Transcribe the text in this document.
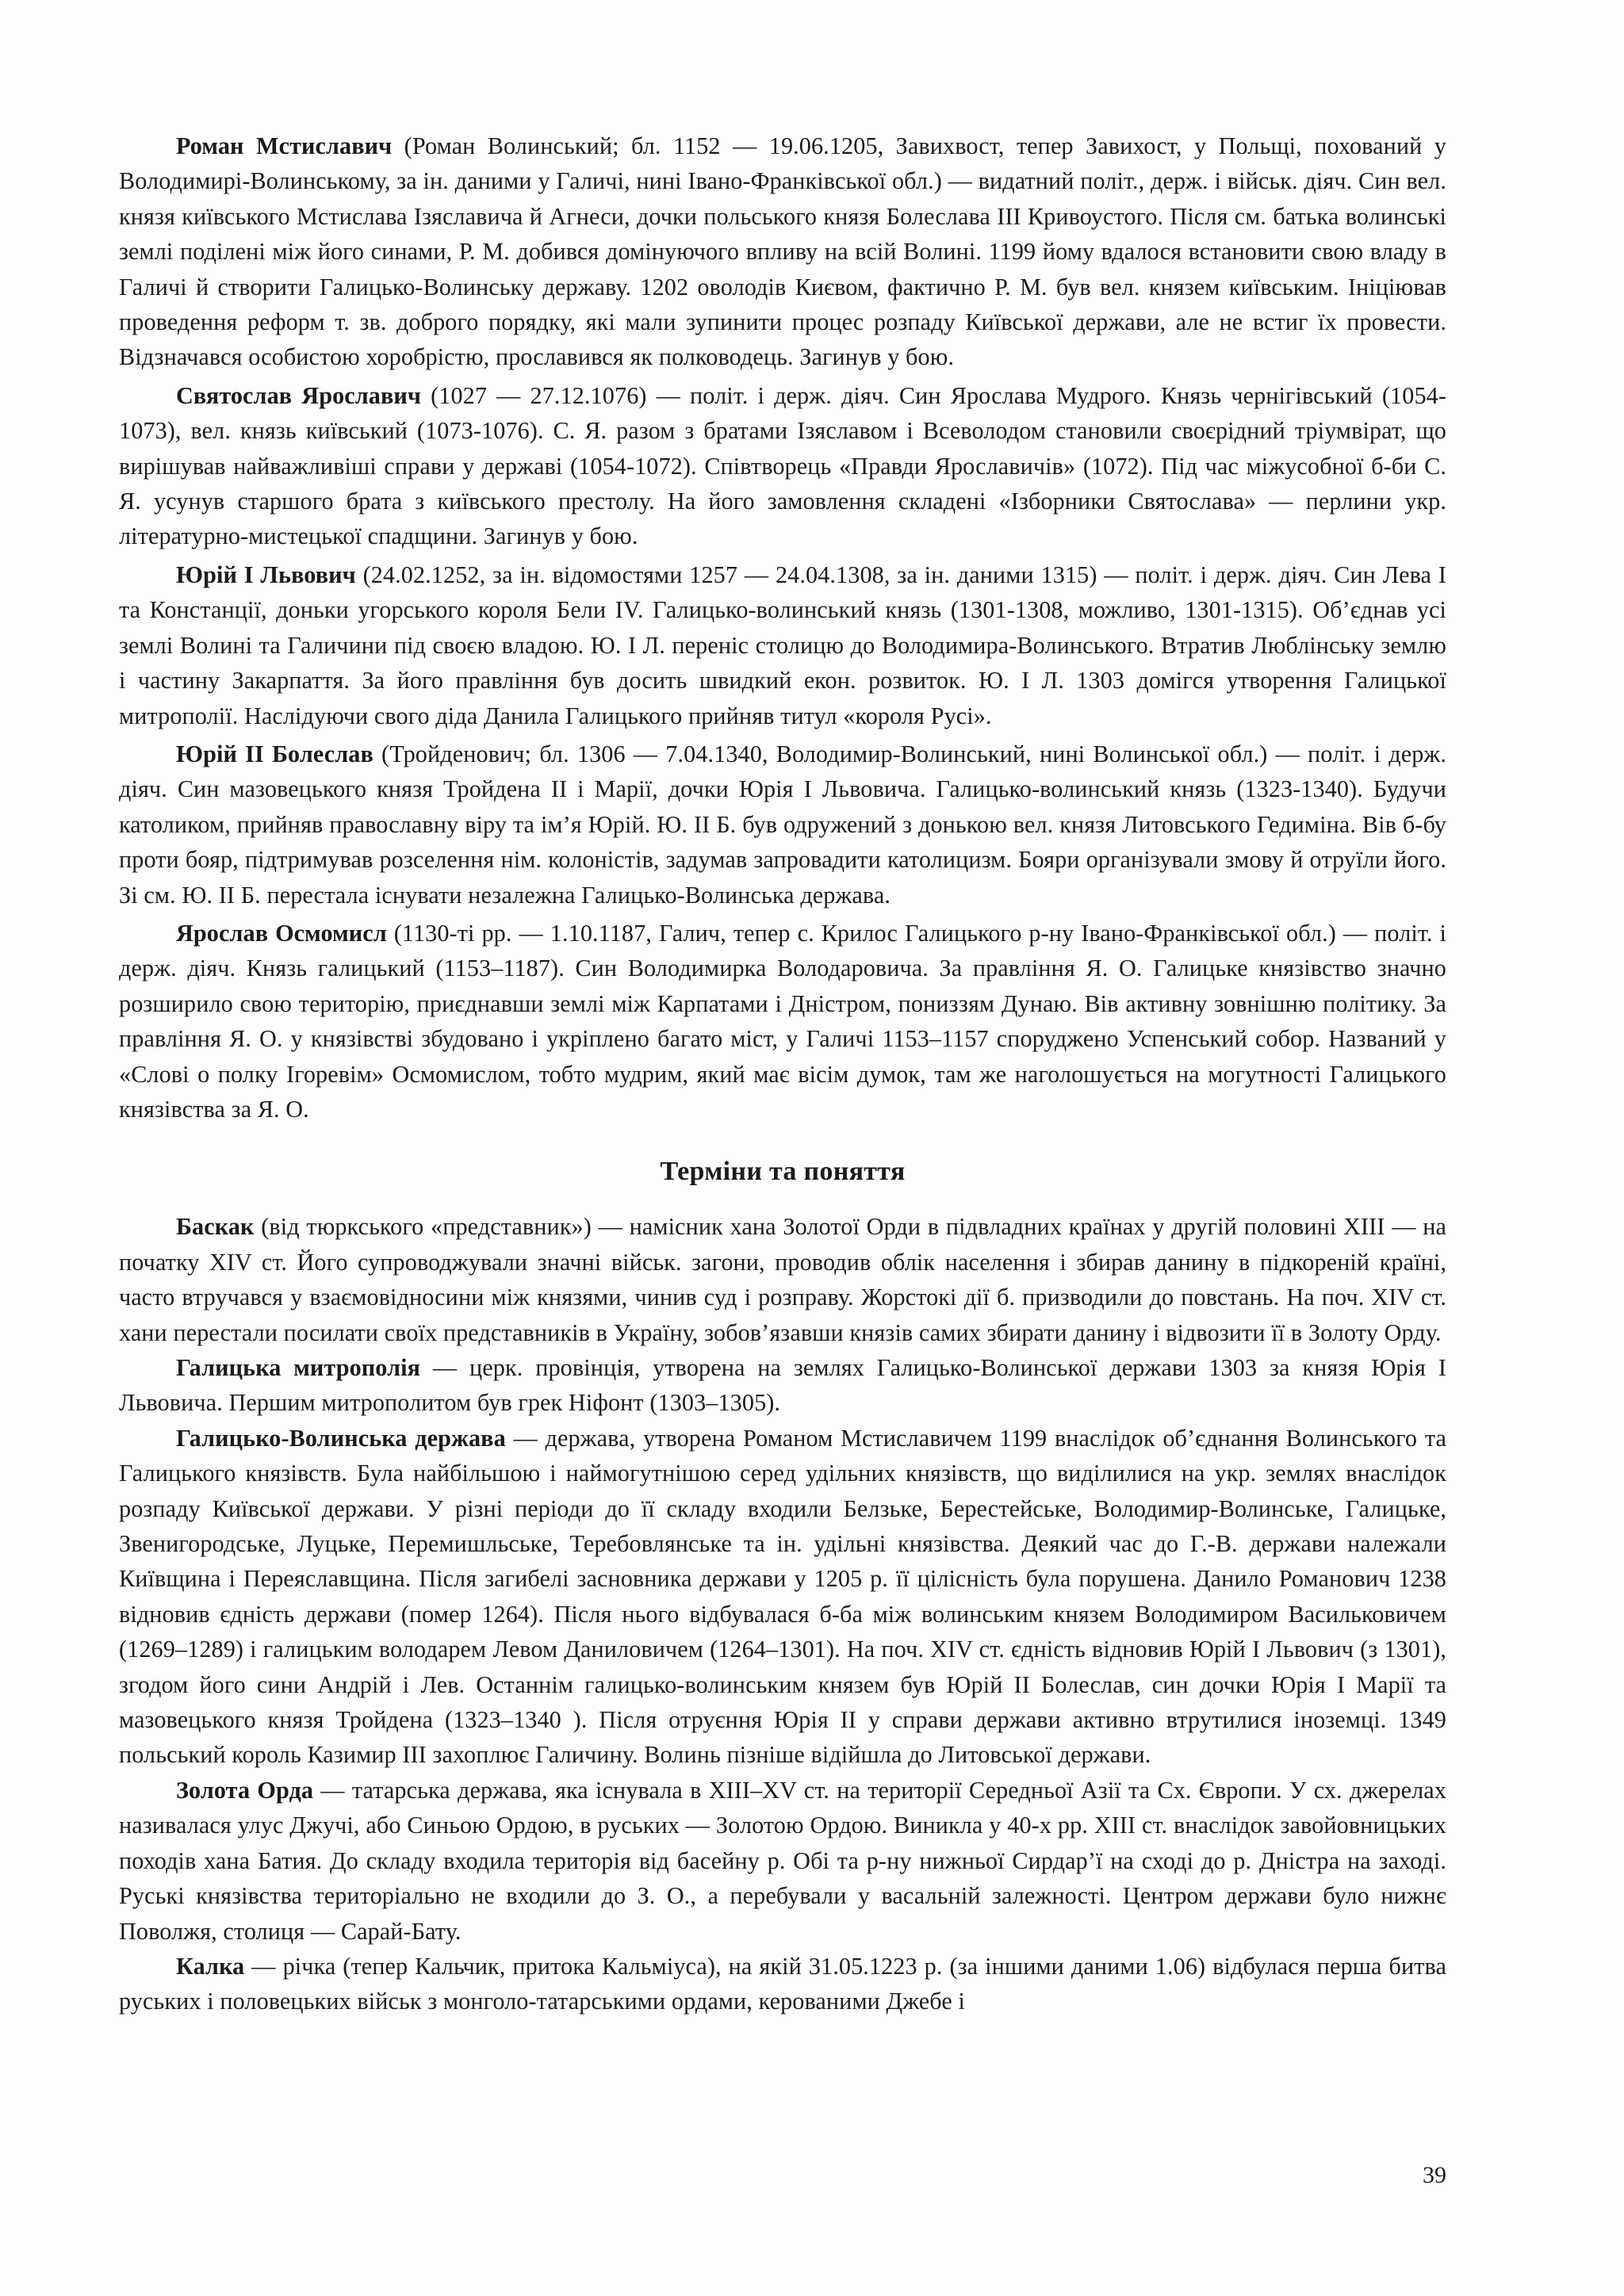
Роман Мстиславич (Роман Волинський; бл. 1152 — 19.06.1205, Завихвост, тепер Завихост, у Польщі, похований у Володимирі-Волинському, за ін. даними у Галичі, нині Івано-Франківської обл.) — видатний політ., держ. і військ. діяч. Син вел. князя київського Мстислава Ізяславича й Агнеси, дочки польського князя Болеслава III Кривоустого. Після см. батька волинські землі поділені між його синами, Р. М. добився домінуючого впливу на всій Волині. 1199 йому вдалося встановити свою владу в Галичі й створити Галицько-Волинську державу. 1202 оволодів Києвом, фактично Р. М. був вел. князем київським. Ініціював проведення реформ т. зв. доброго порядку, які мали зупинити процес розпаду Київської держави, але не встиг їх провести. Відзначався особистою хоробрістю, прославився як полководець. Загинув у бою.

Святослав Ярославич (1027 — 27.12.1076) — політ. і держ. діяч. Син Ярослава Мудрого. Князь чернігівський (1054-1073), вел. князь київський (1073-1076). С. Я. разом з братами Ізяславом і Всеволодом становили своєрідний тріумвірат, що вирішував найважливіші справи у державі (1054-1072). Співтворець «Правди Ярославичів» (1072). Під час міжусобної б-би С. Я. усунув старшого брата з київського престолу. На його замовлення складені «Ізборники Святослава» — перлини укр. літературно-мистецької спадщини. Загинув у бою.

Юрій І Львович (24.02.1252, за ін. відомостями 1257 — 24.04.1308, за ін. даними 1315) — політ. і держ. діяч. Син Лева І та Констанції, доньки угорського короля Бели IV. Галицько-волинський князь (1301-1308, можливо, 1301-1315). Об’єднав усі землі Волині та Галичини під своєю владою. Ю. І Л. переніс столицю до Володимира-Волинського. Втратив Люблінську землю і частину Закарпаття. За його правління був досить швидкий екон. розвиток. Ю. І Л. 1303 домігся утворення Галицької митрополії. Наслідуючи свого діда Данила Галицького прийняв титул «короля Русі».

Юрій II Болеслав (Тройденович; бл. 1306 — 7.04.1340, Володимир-Волинський, нині Волинської обл.) — політ. і держ. діяч. Син мазовецького князя Тройдена II і Марії, дочки Юрія І Львовича. Галицько-волинський князь (1323-1340). Будучи католиком, прийняв православну віру та ім’я Юрій. Ю. II Б. був одружений з донькою вел. князя Литовського Гедиміна. Вів б-бу проти бояр, підтримував розселення нім. колоністів, задумав запровадити католицизм. Бояри організували змову й отруїли його. Зі см. Ю. II Б. перестала існувати незалежна Галицько-Волинська держава.

Ярослав Осмомисл (1130-ті рр. — 1.10.1187, Галич, тепер с. Крилос Галицького р-ну Івано-Франківської обл.) — політ. і держ. діяч. Князь галицький (1153–1187). Син Володимирка Володаровича. За правління Я. О. Галицьке князівство значно розширило свою територію, приєднавши землі між Карпатами і Дністром, пониззям Дунаю. Вів активну зовнішню політику. За правління Я. О. у князівстві збудовано і укріплено багато міст, у Галичі 1153–1157 споруджено Успенський собор. Названий у «Слові о полку Ігоревім» Осмомислом, тобто мудрим, який має вісім думок, там же наголошується на могутності Галицького князівства за Я. О.

Терміни та поняття

Баскак (від тюркського «представник») — намісник хана Золотої Орди в підвладних країнах у другій половині XIII — на початку XIV ст. Його супроводжували значні військ. загони, проводив облік населення і збирав данину в підкореній країні, часто втручався у взаємовідносини між князями, чинив суд і розправу. Жорстокі дії б. призводили до повстань. На поч. XIV ст. хани перестали посилати своїх представників в Україну, зобов’язавши князів самих збирати данину і відвозити її в Золоту Орду.

Галицька митрополія — церк. провінція, утворена на землях Галицько-Волинської держави 1303 за князя Юрія І Львовича. Першим митрополитом був грек Ніфонт (1303–1305).

Галицько-Волинська держава — держава, утворена Романом Мстиславичем 1199 внаслідок об’єднання Волинського та Галицького князівств. Була найбільшою і наймогутнішою серед удільних князівств, що виділилися на укр. землях внаслідок розпаду Київської держави. У різні періоди до її складу входили Белзьке, Берестейське, Володимир-Волинське, Галицьке, Звенигородське, Луцьке, Перемишльське, Теребовлянське та ін. удільні князівства. Деякий час до Г.-В. держави належали Київщина і Переяславщина. Після загибелі засновника держави у 1205 р. її цілісність була порушена. Данило Романович 1238 відновив єдність держави (помер 1264). Після нього відбувалася б-ба між волинським князем Володимиром Васильковичем (1269–1289) і галицьким володарем Левом Даниловичем (1264–1301). На поч. XIV ст. єдність відновив Юрій І Львович (з 1301), згодом його сини Андрій і Лев. Останнім галицько-волинським князем був Юрій II Болеслав, син дочки Юрія І Марії та мазовецького князя Тройдена (1323–1340 ). Після отруєння Юрія II у справи держави активно втрутилися іноземці. 1349 польський король Казимир III захоплює Галичину. Волинь пізніше відійшла до Литовської держави.

Золота Орда — татарська держава, яка існувала в XIII–XV ст. на території Середньої Азії та Сх. Європи. У сх. джерелах називалася улус Джучі, або Синьою Ордою, в руських — Золотою Ордою. Виникла у 40-х рр. XIII ст. внаслідок завойовницьких походів хана Батия. До складу входила територія від басейну р. Обі та р-ну нижньої Сирдар’ї на сході до р. Дністра на заході. Руські князівства територіально не входили до З. О., а перебували у васальній залежності. Центром держави було нижнє Поволжя, столиця — Сарай-Бату.

Калка — річка (тепер Кальчик, притока Кальміуса), на якій 31.05.1223 р. (за іншими даними 1.06) відбулася перша битва руських і половецьких військ з монголо-татарськими ордами, керованими Джебе і

39
